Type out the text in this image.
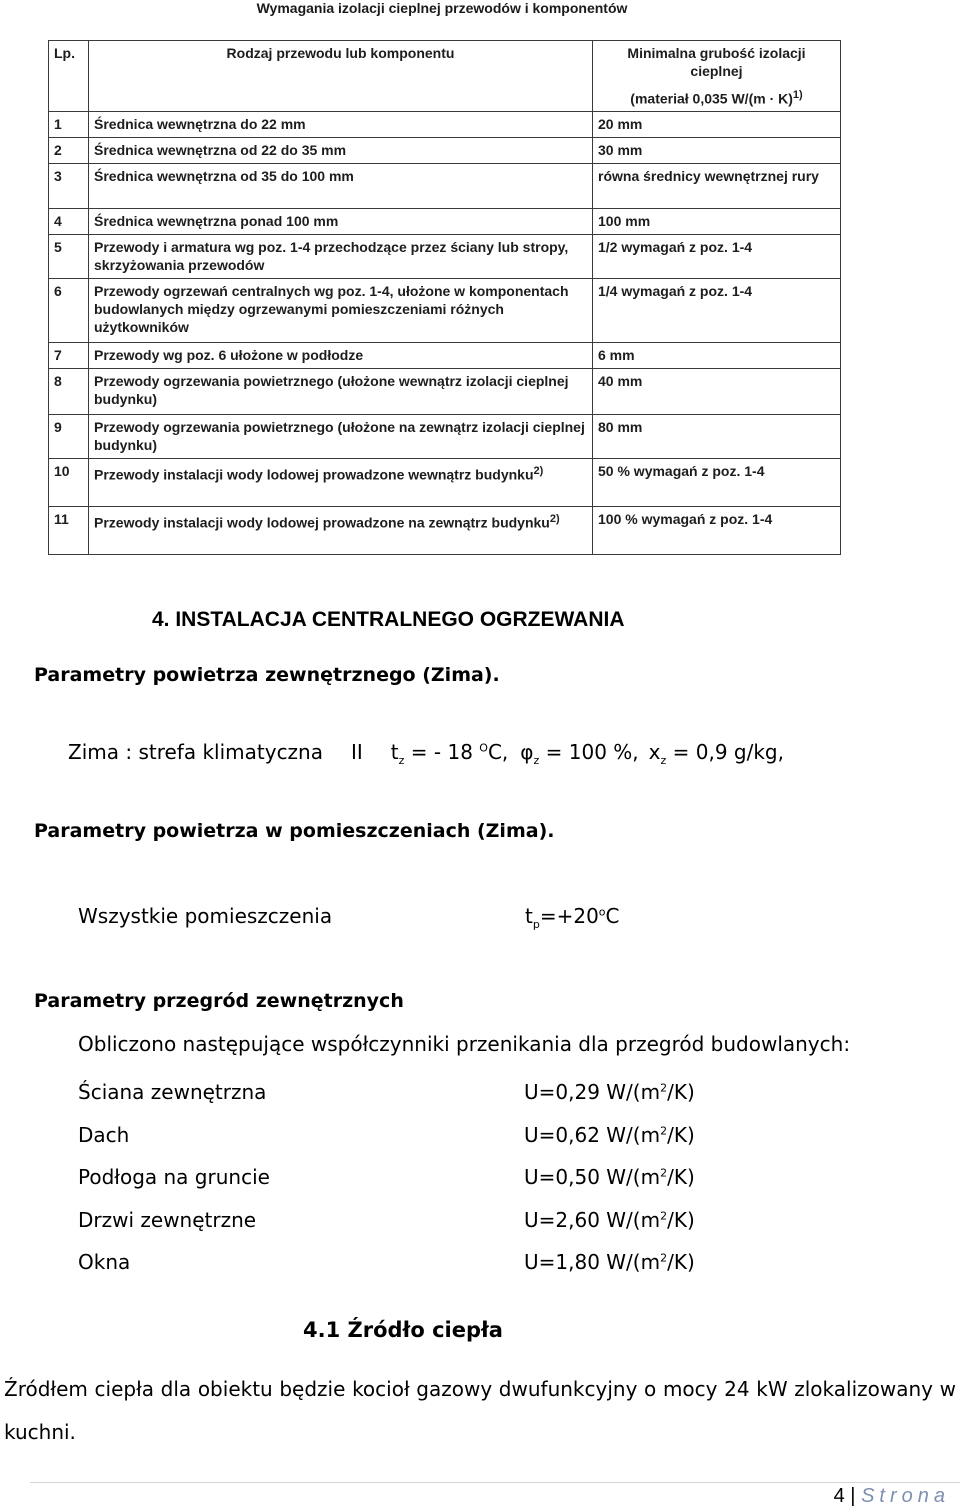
Wymagania izolacji cieplnej przewodów i komponentów
Lp.	Rodzaj przewodu lub komponentu	Minimalna grubość izolacji
cieplnej
(materiał 0,035 $W/(m \cdot K)^{1)}$

1	Średnica wewnętrzna do 22 mm	20 mm
2	Średnica wewnętrzna od 22 do 35 mm	30 mm
3	Średnica wewnętrzna od 35 do 100 mm	równa średnicy wewnętrznej rury
4	Średnica wewnętrzna ponad 100 mm	100 mm
5	Przewody i armatura wg poz. 1-4 przechodzące przez ściany lub stropy, skrzyżowania przewodów	1/2 wymagań z poz. 1-4
6	Przewody ogrzewań centralnych wg poz. 1-4, ułożone w komponentach budowlanych między ogrzewanymi pomieszczeniami różnych użytkowników	1/4 wymagań z poz. 1-4
7	Przewody wg poz. 6 ułożone w podłodze	6 mm
8	Przewody ogrzewania powietrznego (ułożone wewnątrz izolacji cieplnej budynku)	40 mm
9	Przewody ogrzewania powietrznego (ułożone na zewnątrz izolacji cieplnej budynku)	80 mm
10	Przewody instalacji wody lodowej prowadzone wewnątrz budynku$^{2)}$	50 % wymagań z poz. 1-4
11	Przewody instalacji wody lodowej prowadzone na zewnątrz budynku$^{2)}$	100 % wymagań z poz. 1-4
4. INSTALACJA CENTRALNEGO OGRZEWANIA
Parametry powietrza zewnętrznego (Zima).
Zima : strefa klimatyczna II $t_z$ = - 18 $^O$C, $\varphi_z = 100$ %, $x_z = 0,9$ g/kg,
Parametry powietrza w pomieszczeniach (Zima).
Wszystkie pomieszczenia	$t_p=+20^oC$
Parametry przegród zewnętrznych
Obliczono następujące współczynniki przenikania dla przegród budowlanych:
Ściana zewnętrzna	U=0,29 $W/(m^2/K)$
Dach	U=0,62 $W/(m^2/K)$
Podłoga na gruncie	U=0,50 $W/(m^2/K)$
Drzwi zewnętrzne	U=2,60 $W/(m^2/K)$
Okna	U=1,80 $W/(m^2/K)$
4.1 Źródło ciepła
Źródłem ciepła dla obiektu będzie kocioł gazowy dwufunkcyjny o mocy 24 kW zlokalizowany w kuchni.
4 | Strona
